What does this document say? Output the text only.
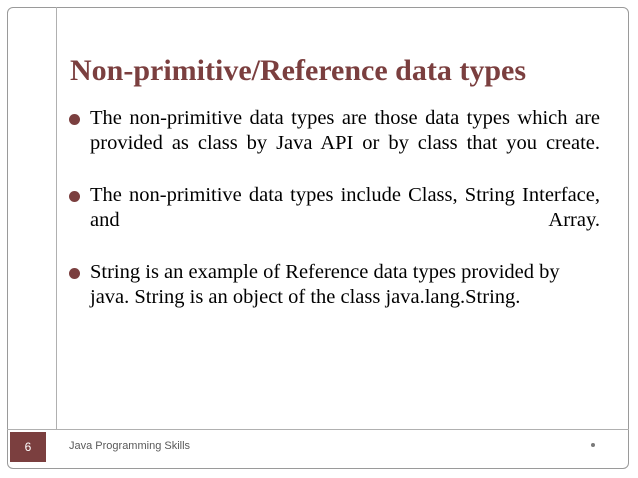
Non-primitive/Reference data types
The non-primitive data types are those data types which are provided as class by Java API or by class that you create.
The non-primitive data types include Class, String Interface, and Array.
String is an example of Reference data types provided by java. String is an object of the class java.lang.String.
6	Java Programming Skills
